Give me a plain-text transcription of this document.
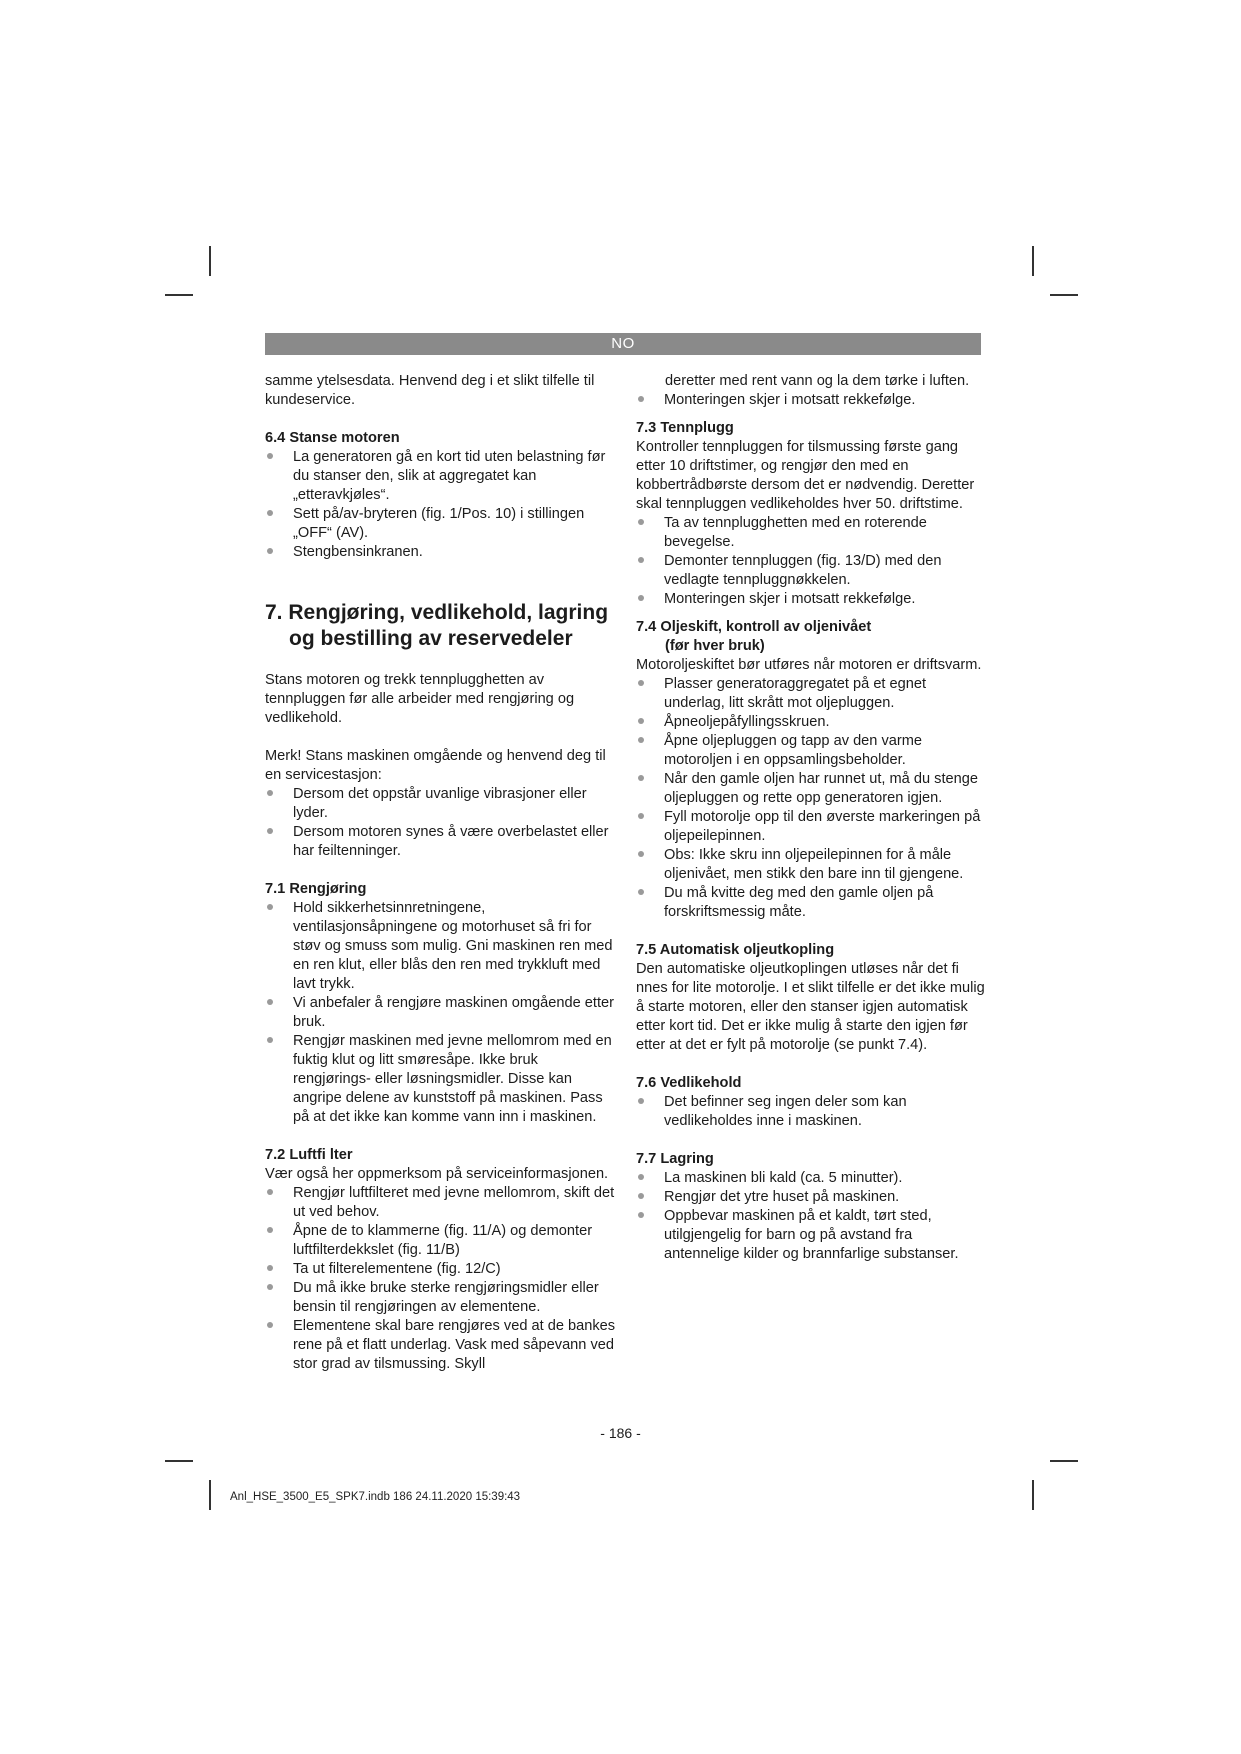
NO

samme ytelsesdata. Henvend deg i et slikt tilfelle til kundeservice.

6.4 Stanse motoren
La generatoren gå en kort tid uten belastning før du stanser den, slik at aggregatet kan „etteravkjøles“.
Sett på/av-bryteren (fig. 1/Pos. 10) i stillingen „OFF“ (AV).
Stengbensinkranen.
7. Rengjøring, vedlikehold, lagring
og bestilling av reservedeler

Stans motoren og trekk tennplugghetten av tennpluggen før alle arbeider med rengjøring og vedlikehold.

Merk! Stans maskinen omgående og henvend deg til en servicestasjon:

Dersom det oppstår uvanlige vibrasjoner eller lyder.
Dersom motoren synes å være overbelastet eller har feiltenninger.
7.1 Rengjøring
Hold sikkerhetsinnretningene, ventilasjonsåpningene og motorhuset så fri for støv og smuss som mulig. Gni maskinen ren med en ren klut, eller blås den ren med trykkluft med lavt trykk.
Vi anbefaler å rengjøre maskinen omgående etter bruk.
Rengjør maskinen med jevne mellomrom med en fuktig klut og litt smøresåpe. Ikke bruk rengjørings- eller løsningsmidler. Disse kan angripe delene av kunststoff på maskinen. Pass på at det ikke kan komme vann inn i maskinen.
7.2 Luftfi lter

Vær også her oppmerksom på serviceinformasjonen.

Rengjør luftfilteret med jevne mellomrom, skift det ut ved behov.
Åpne de to klammerne (fig. 11/A) og demonter luftfilterdekkslet (fig. 11/B)
Ta ut filterelementene (fig. 12/C)
Du må ikke bruke sterke rengjøringsmidler eller bensin til rengjøringen av elementene.
Elementene skal bare rengjøres ved at de bankes rene på et flatt underlag. Vask med såpevann ved stor grad av tilsmussing. Skyll

deretter med rent vann og la dem tørke i luften.

Monteringen skjer i motsatt rekkefølge.
7.3 Tennplugg

Kontroller tennpluggen for tilsmussing første gang etter 10 driftstimer, og rengjør den med en kobbertrådbørste dersom det er nødvendig. Deretter skal tennpluggen vedlikeholdes hver 50. driftstime.

Ta av tennplugghetten med en roterende bevegelse.
Demonter tennpluggen (fig. 13/D) med den vedlagte tennpluggnøkkelen.
Monteringen skjer i motsatt rekkefølge.
7.4 Oljeskift, kontroll av oljenivået
(før hver bruk)

Motoroljeskiftet bør utføres når motoren er driftsvarm.

Plasser generatoraggregatet på et egnet underlag, litt skrått mot oljepluggen.
Åpneoljepåfyllingsskruen.
Åpne oljepluggen og tapp av den varme motoroljen i en oppsamlingsbeholder.
Når den gamle oljen har runnet ut, må du stenge oljepluggen og rette opp generatoren igjen.
Fyll motorolje opp til den øverste markeringen på oljepeilepinnen.
Obs: Ikke skru inn oljepeilepinnen for å måle oljenivået, men stikk den bare inn til gjengene.
Du må kvitte deg med den gamle oljen på forskriftsmessig måte.
7.5 Automatisk oljeutkopling

Den automatiske oljeutkoplingen utløses når det fi nnes for lite motorolje. I et slikt tilfelle er det ikke mulig å starte motoren, eller den stanser igjen automatisk etter kort tid. Det er ikke mulig å starte den igjen før etter at det er fylt på motorolje (se punkt 7.4).

7.6 Vedlikehold
Det befinner seg ingen deler som kan vedlikeholdes inne i maskinen.
7.7 Lagring
La maskinen bli kald (ca. 5 minutter).
Rengjør det ytre huset på maskinen.
Oppbevar maskinen på et kaldt, tørt sted, utilgjengelig for barn og på avstand fra antennelige kilder og brannfarlige substanser.
- 186 -
Anl_HSE_3500_E5_SPK7.indb 186 24.11.2020 15:39:43
